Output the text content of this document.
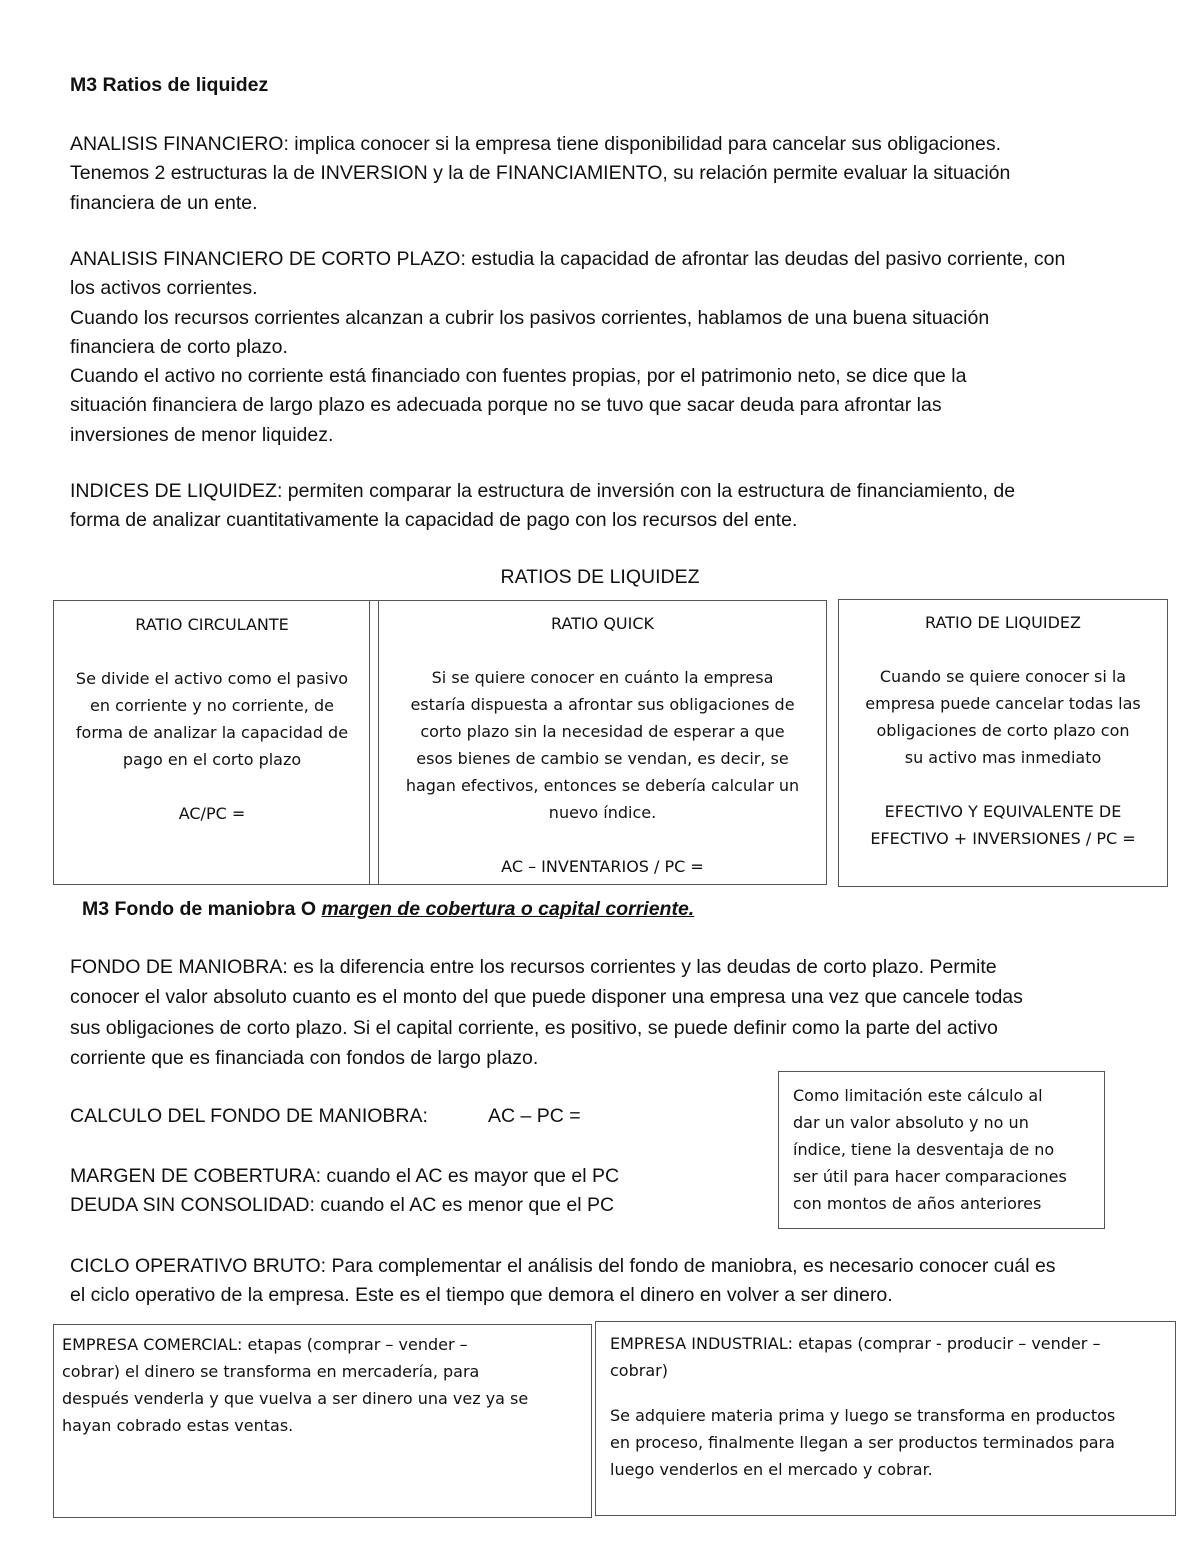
M3 Ratios de liquidez
ANALISIS FINANCIERO: implica conocer si la empresa tiene disponibilidad para cancelar sus obligaciones.
Tenemos 2 estructuras la de INVERSION y la de FINANCIAMIENTO, su relación permite evaluar la situación
financiera de un ente.
ANALISIS FINANCIERO DE CORTO PLAZO: estudia la capacidad de afrontar las deudas del pasivo corriente, con
los activos corrientes.
Cuando los recursos corrientes alcanzan a cubrir los pasivos corrientes, hablamos de una buena situación
financiera de corto plazo.
Cuando el activo no corriente está financiado con fuentes propias, por el patrimonio neto, se dice que la
situación financiera de largo plazo es adecuada porque no se tuvo que sacar deuda para afrontar las
inversiones de menor liquidez.
INDICES DE LIQUIDEZ: permiten comparar la estructura de inversión con la estructura de financiamiento, de
forma de analizar cuantitativamente la capacidad de pago con los recursos del ente.
RATIOS DE LIQUIDEZ
RATIO CIRCULANTE

Se divide el activo como el pasivo
en corriente y no corriente, de
forma de analizar la capacidad de
pago en el corto plazo

AC/PC =
RATIO QUICK

Si se quiere conocer en cuánto la empresa
estaría dispuesta a afrontar sus obligaciones de
corto plazo sin la necesidad de esperar a que
esos bienes de cambio se vendan, es decir, se
hagan efectivos, entonces se debería calcular un
nuevo índice.

AC – INVENTARIOS / PC =
RATIO DE LIQUIDEZ

Cuando se quiere conocer si la
empresa puede cancelar todas las
obligaciones de corto plazo con
su activo mas inmediato

EFECTIVO Y EQUIVALENTE DE
EFECTIVO + INVERSIONES / PC =
M3 Fondo de maniobra O margen de cobertura o capital corriente.
FONDO DE MANIOBRA: es la diferencia entre los recursos corrientes y las deudas de corto plazo. Permite
conocer el valor absoluto cuanto es el monto del que puede disponer una empresa una vez que cancele todas
sus obligaciones de corto plazo. Si el capital corriente, es positivo, se puede definir como la parte del activo
corriente que es financiada con fondos de largo plazo.
CALCULO DEL FONDO DE MANIOBRA:	AC – PC =
MARGEN DE COBERTURA: cuando el AC es mayor que el PC
DEUDA SIN CONSOLIDAD: cuando el AC es menor que el PC
Como limitación este cálculo al
dar un valor absoluto y no un
índice, tiene la desventaja de no
ser útil para hacer comparaciones
con montos de años anteriores
CICLO OPERATIVO BRUTO: Para complementar el análisis del fondo de maniobra, es necesario conocer cuál es
el ciclo operativo de la empresa. Este es el tiempo que demora el dinero en volver a ser dinero.
EMPRESA COMERCIAL: etapas (comprar – vender –
cobrar) el dinero se transforma en mercadería, para
después venderla y que vuelva a ser dinero una vez ya se
hayan cobrado estas ventas.
EMPRESA INDUSTRIAL: etapas (comprar - producir – vender –
cobrar)

Se adquiere materia prima y luego se transforma en productos
en proceso, finalmente llegan a ser productos terminados para
luego venderlos en el mercado y cobrar.
